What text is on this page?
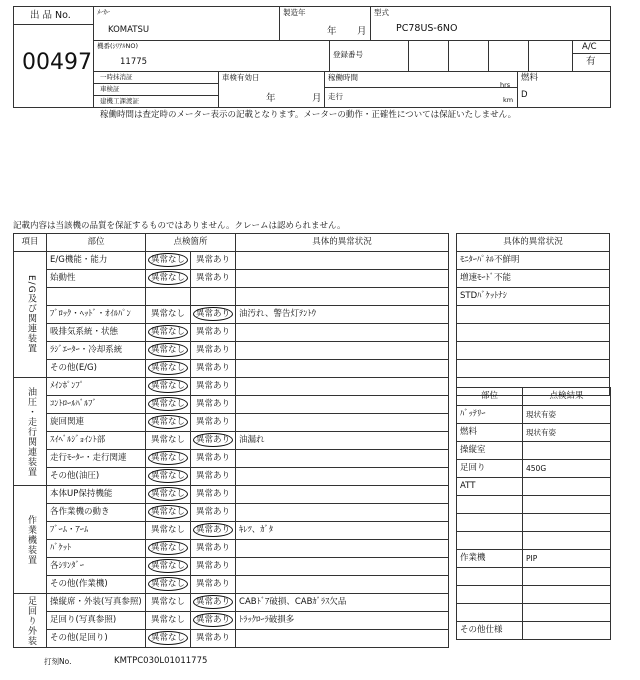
出 品 No.
00497
ﾒｰｶｰ
KOMATSU
製造年
年 月
型式
PC78US-6NO
機番(ｼﾘｱﾙNO)
11775
登録番号
A/C
有
一時抹消証
車検証
建機工課渡証
車検有効日
年	月
稼働時間
hrs
走行	km
燃料
D
稼働時間は査定時のメーター表示の記載となります。メーターの動作・正確性については保証いたしません。
記載内容は当該機の品質を保証するものではありません。クレームは認められません。
項目	部位	点検箇所		具体的異常状況

E/G及び関連装置	E/G機能・能力	異常なし	異常あり	
	始動性	異常なし	異常あり	

	ﾌﾞﾛｯｸ・ﾍｯﾄﾞ・ｵｲﾙﾊﾟﾝ	異常なし	異常あり	油汚れ、警告灯ﾃﾝﾄｳ
	吸排気系統・状態	異常なし	異常あり	
	ﾗｼﾞｴｰﾀｰ・冷却系統	異常なし	異常あり	
	その他(E/G)	異常なし	異常あり	

油圧・走行関連装置	ﾒｲﾝﾎﾟﾝﾌﾟ	異常なし	異常あり	
	ｺﾝﾄﾛｰﾙﾊﾞﾙﾌﾞ	異常なし	異常あり	
	旋回関連	異常なし	異常あり	
	ｽｲﾍﾞﾙｼﾞｮｲﾝﾄ部	異常なし	異常あり	油漏れ
	走行ﾓｰﾀｰ・走行関連	異常なし	異常あり	
	その他(油圧)	異常なし	異常あり	

作業機装置	本体UP保持機能	異常なし	異常あり	
	各作業機の動き	異常なし	異常あり	
	ﾌﾞｰﾑ・ｱｰﾑ	異常なし	異常あり	ｷﾚﾂ、ｶﾞﾀ
	ﾊﾞｹｯﾄ	異常なし	異常あり	
	各ｼﾘﾝﾀﾞｰ	異常なし	異常あり	
	その他(作業機)	異常なし	異常あり	

足回り外装	操縦席・外装(写真参照)	異常なし	異常あり	CABﾄﾞｱ破損、CABｶﾞﾗｽ欠品
	足回り(写真参照)	異常なし	異常あり	ﾄﾗｯｸﾛｰﾗ破損多
	その他(足回り)	異常なし	異常あり	
具体的異常状況
ﾓﾆﾀｰﾊﾟﾈﾙ不鮮明
増速ﾓｰﾄﾞ不能
STDﾊﾞｹｯﾄﾅｼ

部位	点検結果
ﾊﾞｯﾃﾘｰ	現状有姿
燃料	現状有姿
操縦室	
足回り	450G
ATT	

作業機	PIP

その他仕様	
打刻No.	KMTPC030L01011775
